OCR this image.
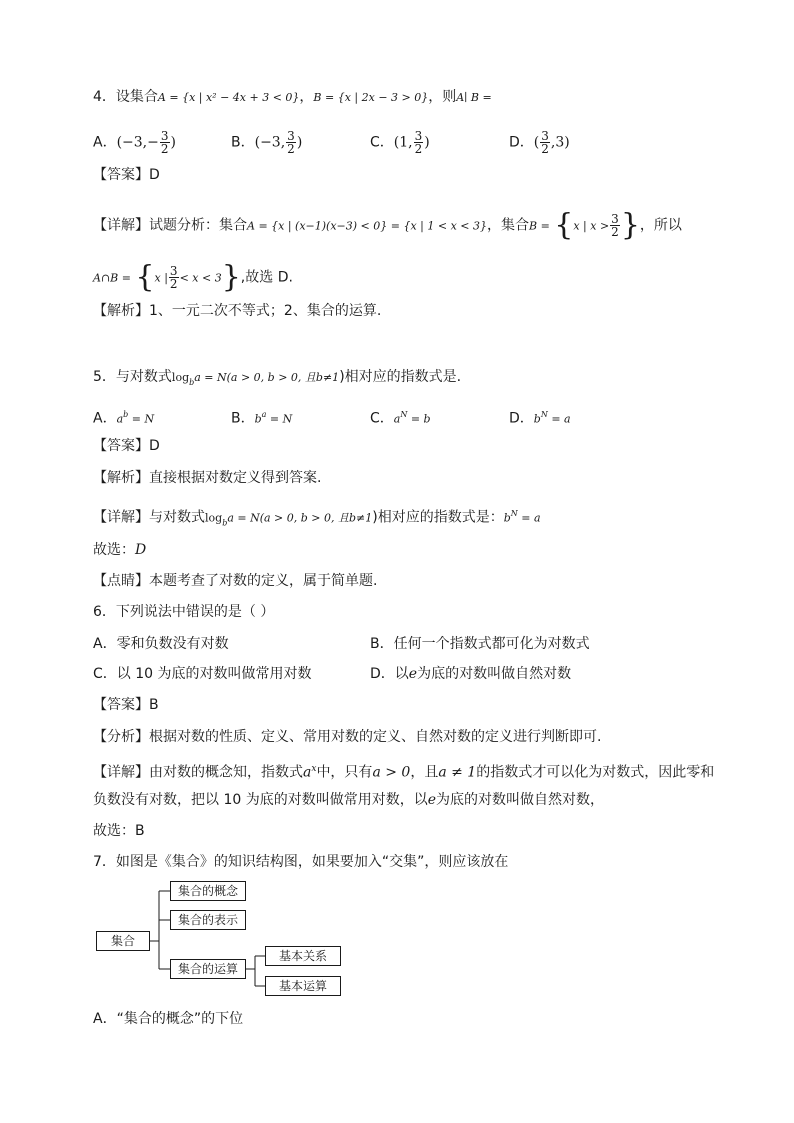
4．设集合A = {x | x² − 4x + 3 < 0}，B = {x | 2x − 3 > 0}，则A∣ B =
A．($-3,- \frac{3}{2}$ )	B．(−3, $\frac{3}{2}$ )	C．(1, $\frac{3}{2}$ )	D．( $\frac{3}{2} ,3$)
【答案】D
【详解】试题分析：集合A = {x | (x−1)(x−3) < 0} = {x | 1 < x < 3}，集合B = {x | $x > \frac{3}{2}$ }，所以
A∩B = {x | $\frac{3}{2} < x < 3$},故选 D.
【解析】1、一元二次不等式；2、集合的运算.
5．与对数式$\log_ba = N(a > 0$, b > 0, 且b≠1)相对应的指数式是.
A．$a^b = N$	B．$b^a = N$	C．$a^N = b$	D．$b^N = a$
【答案】D
【解析】直接根据对数定义得到答案.
【详解】与对数式$\log_ba = N(a > 0$, b > 0, 且b≠1)相对应的指数式是：$b^N = a$
故选：D
【点睛】本题考查了对数的定义，属于简单题.
6．下列说法中错误的是（ ）
A．零和负数没有对数	B．任何一个指数式都可化为对数式
C．以 10 为底的对数叫做常用对数	D．以e为底的对数叫做自然对数
【答案】B
【分析】根据对数的性质、定义、常用对数的定义、自然对数的定义进行判断即可.
【详解】由对数的概念知，指数式$a^x$中，只有a > 0，且a ≠ 1的指数式才可以化为对数式，因此零和
负数没有对数，把以 10 为底的对数叫做常用对数，以e为底的对数叫做自然对数，
故选：B
7．如图是《集合》的知识结构图，如果要加入“交集”，则应该放在
集合
集合的概念
集合的表示
集合的运算
基本关系
基本运算
A．“集合的概念”的下位
